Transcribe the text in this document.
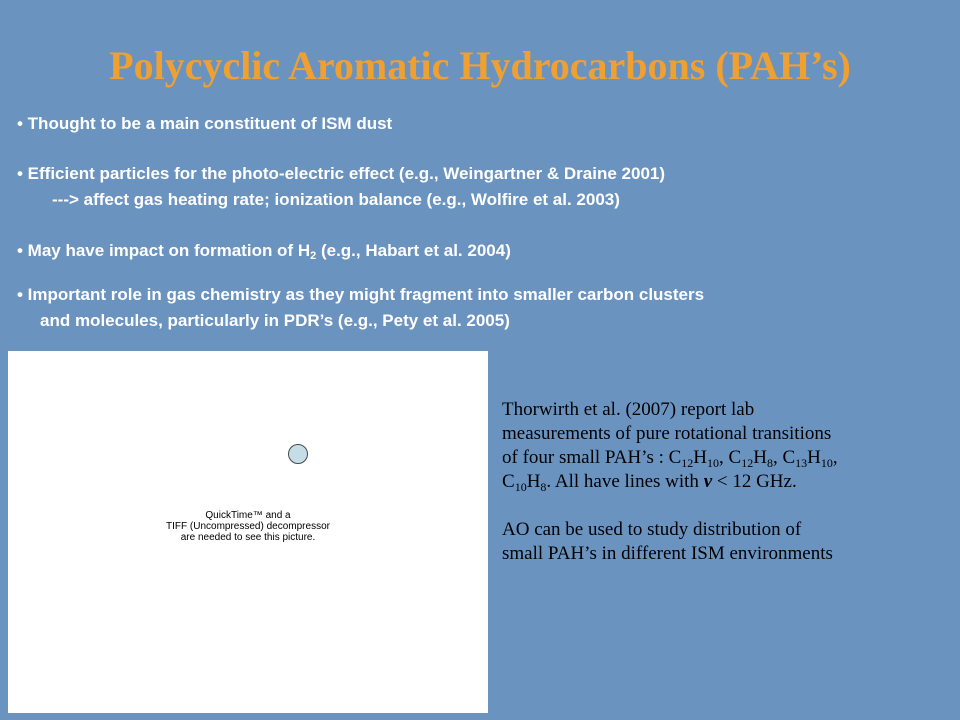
Polycyclic Aromatic Hydrocarbons (PAH’s)
• Thought to be a main constituent of ISM dust
• Efficient particles for the photo-electric effect (e.g., Weingartner & Draine 2001)

---> affect gas heating rate; ionization balance (e.g., Wolfire et al. 2003)
• May have impact on formation of $H_2$ (e.g., Habart et al. 2004)
• Important role in gas chemistry as they might fragment into smaller carbon clusters

and molecules, particularly in PDR’s (e.g., Pety et al. 2005)
QuickTime™ and a
TIFF (Uncompressed) decompressor
are needed to see this picture.
Thorwirth et al. (2007) report lab
measurements of pure rotational transitions
of four small PAH’s : $C_{12}H_{10}$, $C_{12}H_8$, $C_{13}H_{10}$,
$C_{10}H_8$. All have lines with ν < 12 GHz.
AO can be used to study distribution of
small PAH’s in different ISM environments
